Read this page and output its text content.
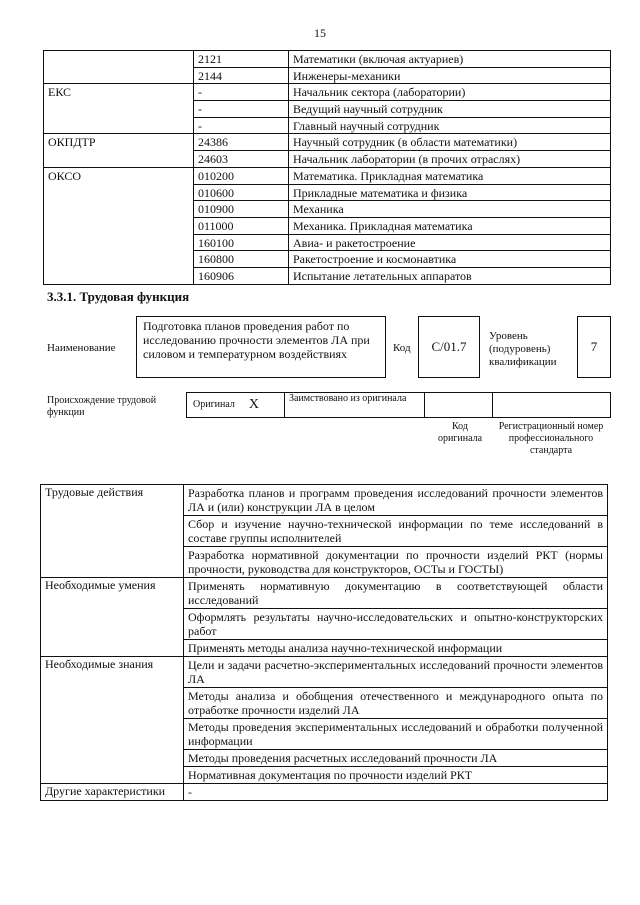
15
	2121	Математики (включая актуариев)
	2144	Инженеры-механики
ЕКС	-	Начальник сектора (лаборатории)
	-	Ведущий научный сотрудник
	-	Главный научный сотрудник
ОКПДТР	24386	Научный сотрудник (в области математики)
	24603	Начальник лаборатории (в прочих отраслях)
ОКСО	010200	Математика. Прикладная математика
	010600	Прикладные математика и физика
	010900	Механика
	011000	Механика. Прикладная математика
	160100	Авиа- и ракетостроение
	160800	Ракетостроение и космонавтика
	160906	Испытание летательных аппаратов
3.3.1. Трудовая функция
Наименование
Подготовка планов проведения работ по исследованию прочности элементов ЛА при силовом и температурном воздействиях	Код	C/01.7
Уровень (подуровень) квалификации
7
Происхождение трудовой функции
Оригинал X	Заимствовано из оригинала
Код оригинала
Регистрационный номер профессионального стандарта
Трудовые действия	Разработка планов и программ проведения исследований прочности элементов ЛА и (или) конструкции ЛА в целом
	Сбор и изучение научно-технической информации по теме исследований в составе группы исполнителей
	Разработка нормативной документации по прочности изделий РКТ (нормы прочности, руководства для конструкторов, ОСТы и ГОСТЫ)
Необходимые умения	Применять нормативную документацию в соответствующей области исследований
	Оформлять результаты научно-исследовательских и опытно-конструкторских работ
	Применять методы анализа научно-технической информации
Необходимые знания	Цели и задачи расчетно-экспериментальных исследований прочности элементов ЛА
	Методы анализа и обобщения отечественного и международного опыта по отработке прочности изделий ЛА
	Методы проведения экспериментальных исследований и обработки полученной информации
	Методы проведения расчетных исследований прочности ЛА
	Нормативная документация по прочности изделий РКТ
Другие характеристики	-
